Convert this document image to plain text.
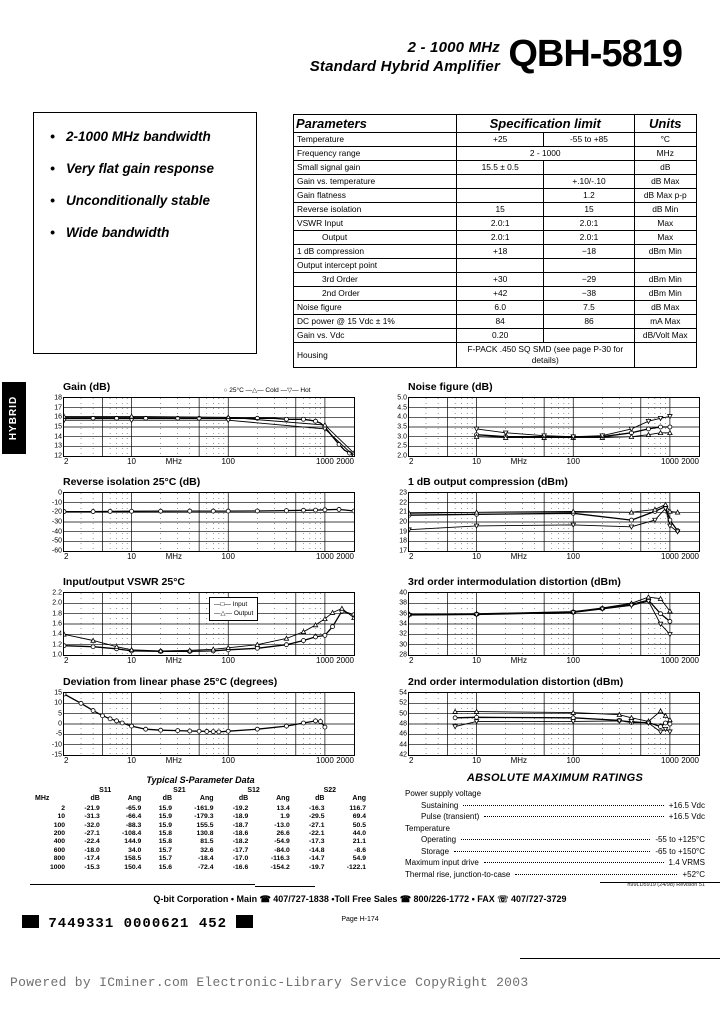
2 - 1000 MHz
Standard Hybrid Amplifier QBH-5819
• 2-1000 MHz bandwidth
• Very flat gain response
• Unconditionally stable
• Wide bandwidth
Parameters	Specification limit		Units
Temperature	+25	-55 to +85	°C
Frequency range	2 - 1000		MHz
Small signal gain	15.5 ± 0.5		dB
Gain vs. temperature		+.10/-.10	dB Max
Gain flatness		1.2	dB Max p-p
Reverse isolation	15	15	dB Min
VSWR Input	2.0:1	2.0:1	Max
Output	2.0:1	2.0:1	Max
1 dB compression	+18	−18	dBm Min
Output intercept point			
3rd Order	+30	−29	dBm Min
2nd Order	+42	−38	dBm Min
Noise figure	6.0	7.5	dB Max
DC power @ 15 Vdc ± 1%	84	86	mA Max
Gain vs. Vdc	0.20		dB/Volt Max
Housing	F-PACK .450 SQ SMD (see page P-30 for details)		
HYBRID
Gain (dB)
18
17
16
15
14
13
12
2	10	100	1000 2000
MHz
○ 25°C —△— Cold —▽— Hot	Noise figure (dB)
5.0
4.5
4.0
3.5
3.0
2.5
2.0
2	10	100	1000 2000
MHz
Reverse isolation 25°C (dB)
0
-10
-20
-30
-40
-50
-60
2	10	100	1000 2000
MHz
1 dB output compression (dBm)
23
22
21
20
19
18
17
2	10	100	1000 2000
MHz
Input/output VSWR 25°C
2.2
2.0
1.8
1.6
1.4
1.2
1.0
2	10	100	1000 2000
MHz
—□— Input
—△— Output
3rd order intermodulation distortion (dBm)
40
38
36
34
32
30
28
2	10	100	1000 2000
MHz
Deviation from linear phase 25°C (degrees)
15
10
5
0
-5
-10
-15
2	10	100	1000 2000
MHz
2nd order intermodulation distortion (dBm)
54
52
50
48
46
44
42
2	10	100	1000 2000
MHz
Typical S-Parameter Data
	S11		S21		S12		S22	
MHz	dB	Ang	dB	Ang	dB	Ang	dB	Ang
2	-21.9	-65.9	15.9	-161.9	-19.2	13.4	-16.3	116.7
10	-31.3	-66.4	15.9	-179.3	-18.9	1.9	-29.5	69.4
100	-32.0	-88.3	15.9	155.5	-18.7	-13.0	-27.1	50.5
200	-27.1	-108.4	15.8	130.8	-18.6	26.6	-22.1	44.0
400	-22.4	144.9	15.8	81.5	-18.2	-54.9	-17.3	21.1
600	-18.0	34.0	15.7	32.6	-17.7	-84.0	-14.8	-8.6
800	-17.4	158.5	15.7	-18.4	-17.0	-116.3	-14.7	54.9
1000	-15.3	150.4	15.6	-72.4	-16.6	-154.2	-19.7	-122.1
ABSOLUTE MAXIMUM RATINGS
Power supply voltage
Sustaining	+16.5 Vdc
Pulse (transient)	+16.5 Vdc
Temperature
Operating	-55 to +125°C
Storage	-65 to +150°C
Maximum input drive	1.4 VRMS
Thermal rise, junction-to-case	+52°C
h99LD5919 (24/98) Revision 51
Q-bit Corporation • Main ☎ 407/727-1838 •Toll Free Sales ☎ 800/226-1772 • FAX ☏ 407/727-3729
7449331 0000621 452	Page H-174
Powered by ICminer.com Electronic-Library Service CopyRight 2003
